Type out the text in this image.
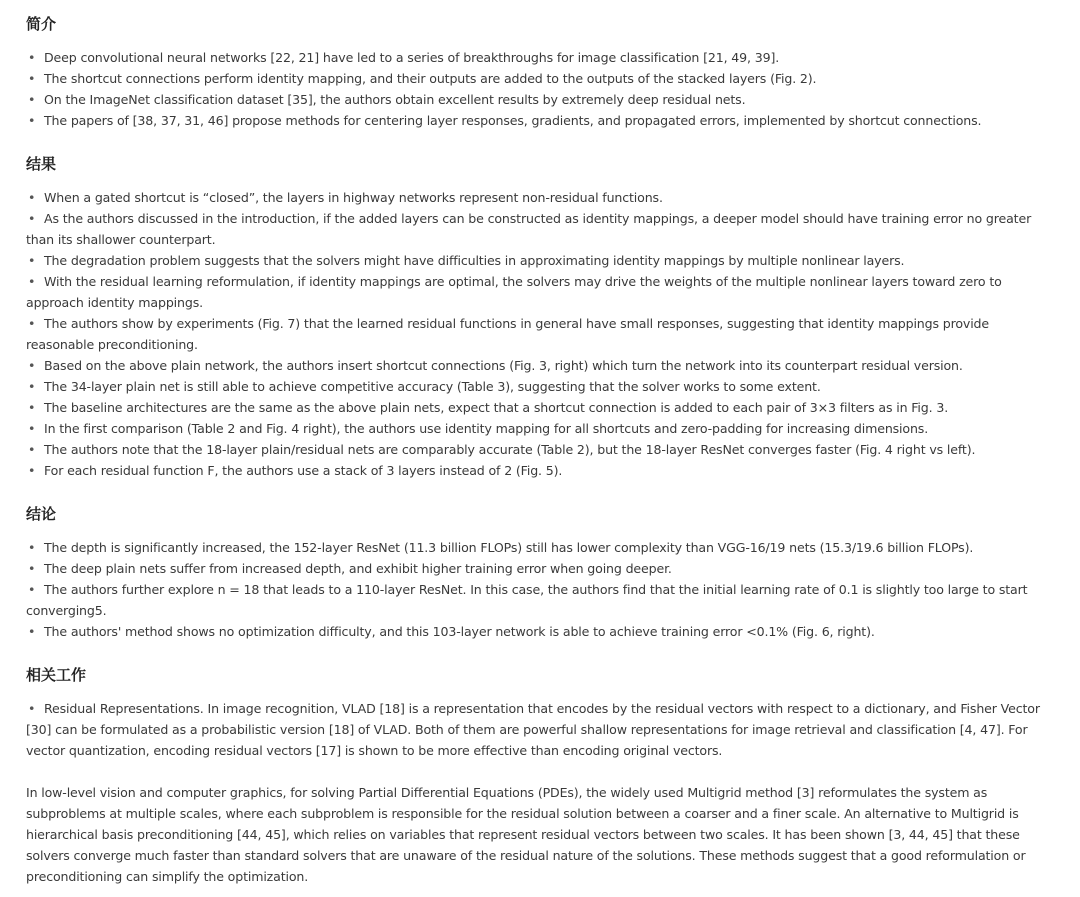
简介
• Deep convolutional neural networks [22, 21] have led to a series of breakthroughs for image classification [21, 49, 39].
• The shortcut connections perform identity mapping, and their outputs are added to the outputs of the stacked layers (Fig. 2).
• On the ImageNet classification dataset [35], the authors obtain excellent results by extremely deep residual nets.
• The papers of [38, 37, 31, 46] propose methods for centering layer responses, gradients, and propagated errors, implemented by shortcut connections.
结果
• When a gated shortcut is “closed”, the layers in highway networks represent non-residual functions.
• As the authors discussed in the introduction, if the added layers can be constructed as identity mappings, a deeper model should have training error no greater than its shallower counterpart.
• The degradation problem suggests that the solvers might have difficulties in approximating identity mappings by multiple nonlinear layers.
• With the residual learning reformulation, if identity mappings are optimal, the solvers may drive the weights of the multiple nonlinear layers toward zero to approach identity mappings.
• The authors show by experiments (Fig. 7) that the learned residual functions in general have small responses, suggesting that identity mappings provide reasonable preconditioning.
• Based on the above plain network, the authors insert shortcut connections (Fig. 3, right) which turn the network into its counterpart residual version.
• The 34-layer plain net is still able to achieve competitive accuracy (Table 3), suggesting that the solver works to some extent.
• The baseline architectures are the same as the above plain nets, expect that a shortcut connection is added to each pair of 3×3 filters as in Fig. 3.
• In the first comparison (Table 2 and Fig. 4 right), the authors use identity mapping for all shortcuts and zero-padding for increasing dimensions.
• The authors note that the 18-layer plain/residual nets are comparably accurate (Table 2), but the 18-layer ResNet converges faster (Fig. 4 right vs left).
• For each residual function F, the authors use a stack of 3 layers instead of 2 (Fig. 5).
结论
• The depth is significantly increased, the 152-layer ResNet (11.3 billion FLOPs) still has lower complexity than VGG-16/19 nets (15.3/19.6 billion FLOPs).
• The deep plain nets suffer from increased depth, and exhibit higher training error when going deeper.
• The authors further explore n = 18 that leads to a 110-layer ResNet. In this case, the authors find that the initial learning rate of 0.1 is slightly too large to start converging5.
• The authors' method shows no optimization difficulty, and this 103-layer network is able to achieve training error <0.1% (Fig. 6, right).
相关工作
• Residual Representations. In image recognition, VLAD [18] is a representation that encodes by the residual vectors with respect to a dictionary, and Fisher Vector [30] can be formulated as a probabilistic version [18] of VLAD. Both of them are powerful shallow representations for image retrieval and classification [4, 47]. For vector quantization, encoding residual vectors [17] is shown to be more effective than encoding original vectors.

In low-level vision and computer graphics, for solving Partial Differential Equations (PDEs), the widely used Multigrid method [3] reformulates the system as subproblems at multiple scales, where each subproblem is responsible for the residual solution between a coarser and a finer scale. An alternative to Multigrid is hierarchical basis preconditioning [44, 45], which relies on variables that represent residual vectors between two scales. It has been shown [3, 44, 45] that these solvers converge much faster than standard solvers that are unaware of the residual nature of the solutions. These methods suggest that a good reformulation or preconditioning can simplify the optimization.
